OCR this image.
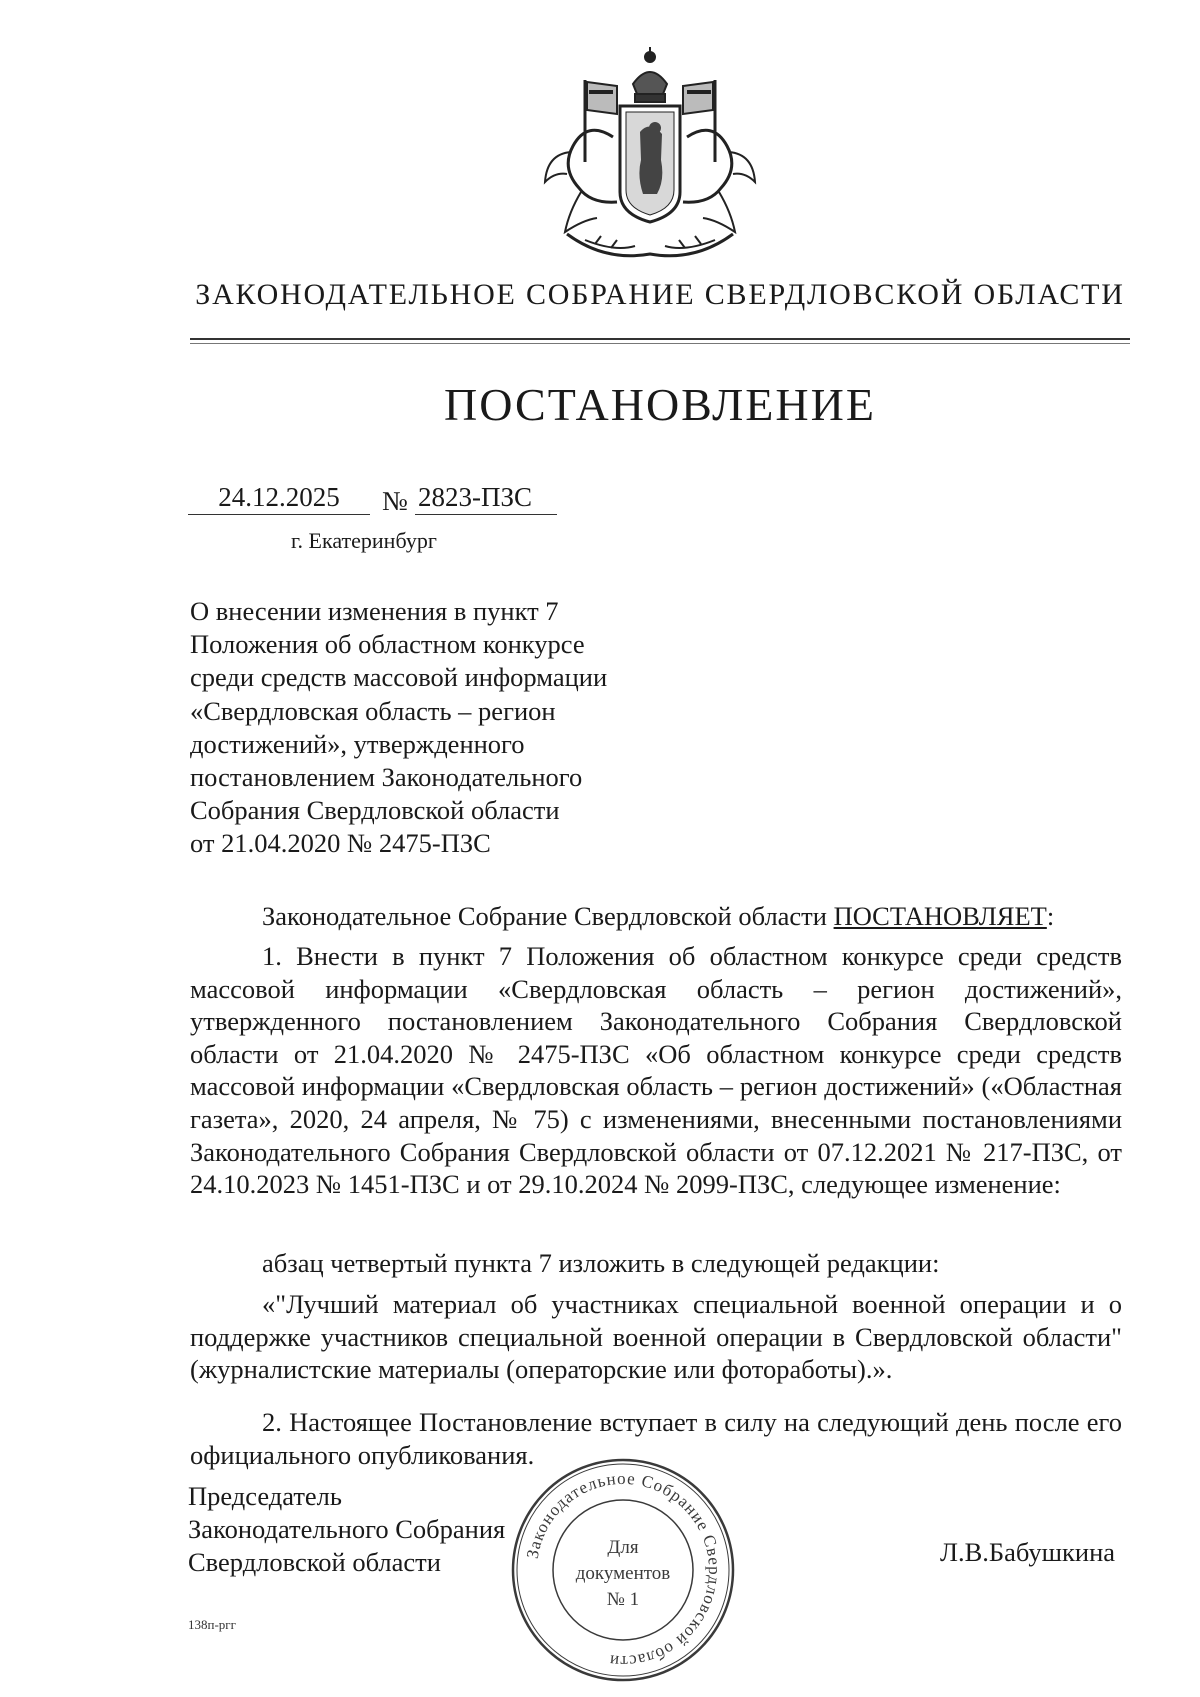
ЗАКОНОДАТЕЛЬНОЕ СОБРАНИЕ СВЕРДЛОВСКОЙ ОБЛАСТИ
ПОСТАНОВЛЕНИЕ
24.12.2025	№ 2823-ПЗС
г. Екатеринбург
О внесении изменения в пункт 7
Положения об областном конкурсе
среди средств массовой информации
«Свердловская область – регион
достижений», утвержденного
постановлением Законодательного
Собрания Свердловской области
от 21.04.2020 № 2475-ПЗС
Законодательное Собрание Свердловской области ПОСТАНОВЛЯЕТ:
1. Внести в пункт 7 Положения об областном конкурсе среди средств массовой информации «Свердловская область – регион достижений», утвержденного постановлением Законодательного Собрания Свердловской области от 21.04.2020 № 2475-ПЗС «Об областном конкурсе среди средств массовой информации «Свердловская область – регион достижений» («Областная газета», 2020, 24 апреля, № 75) с изменениями, внесенными постановлениями Законодательного Собрания Свердловской области от 07.12.2021 № 217-ПЗС, от 24.10.2023 № 1451-ПЗС и от 29.10.2024 № 2099-ПЗС, следующее изменение:
абзац четвертый пункта 7 изложить в следующей редакции:
«"Лучший материал об участниках специальной военной операции и о поддержке участников специальной военной операции в Свердловской области" (журналистские материалы (операторские или фотоработы).».
2. Настоящее Постановление вступает в силу на следующий день после его официального опубликования.
Председатель
Законодательного Собрания
Свердловской области	Л.В.Бабушкина
Законодательное Собрание Свердловской области
Для
документов
№ 1
138п-ргг
